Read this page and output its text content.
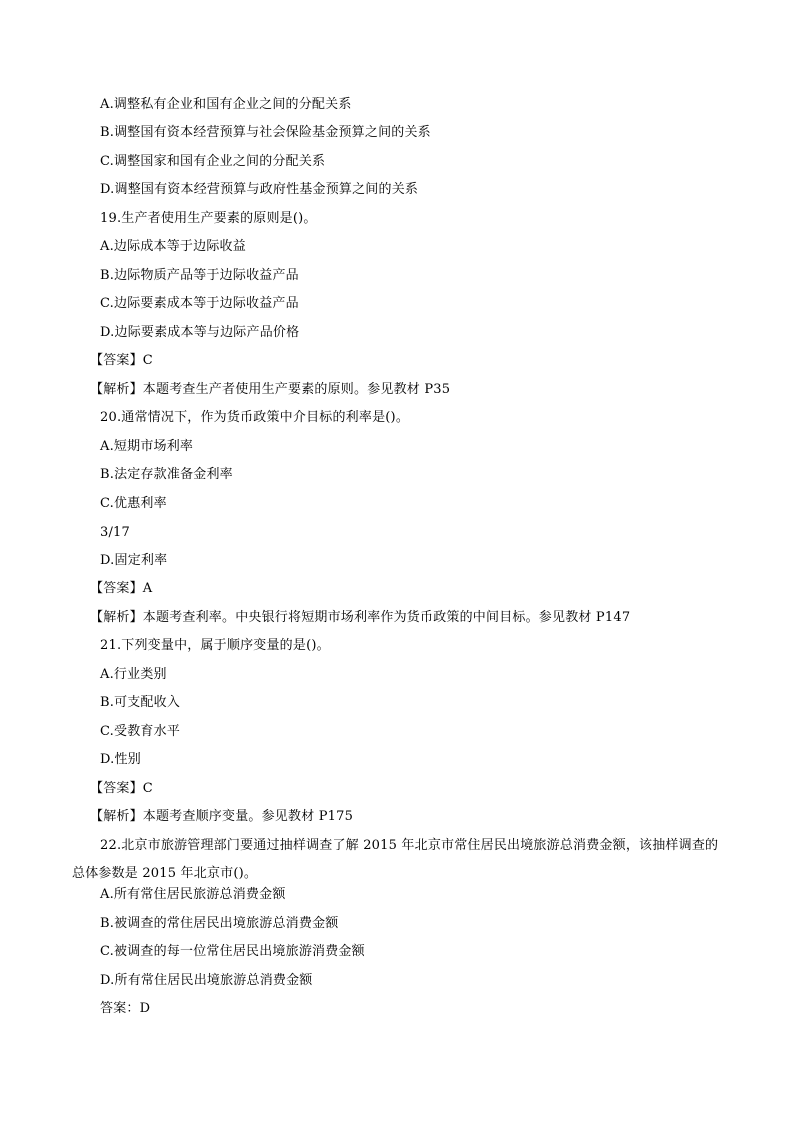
A.调整私有企业和国有企业之间的分配关系
B.调整国有资本经营预算与社会保险基金预算之间的关系
C.调整国家和国有企业之间的分配关系
D.调整国有资本经营预算与政府性基金预算之间的关系
19.生产者使用生产要素的原则是()。
A.边际成本等于边际收益
B.边际物质产品等于边际收益产品
C.边际要素成本等于边际收益产品
D.边际要素成本等与边际产品价格
【答案】C
【解析】本题考查生产者使用生产要素的原则。参见教材 P35
20.通常情况下，作为货币政策中介目标的利率是()。
A.短期市场利率
B.法定存款准备金利率
C.优惠利率
3/17
D.固定利率
【答案】A
【解析】本题考查利率。中央银行将短期市场利率作为货币政策的中间目标。参见教材 P147
21.下列变量中，属于顺序变量的是()。
A.行业类别
B.可支配收入
C.受教育水平
D.性别
【答案】C
【解析】本题考查顺序变量。参见教材 P175
22.北京市旅游管理部门要通过抽样调查了解 2015 年北京市常住居民出境旅游总消费金额，该抽样调查的总体参数是 2015 年北京市()。
A.所有常住居民旅游总消费金额
B.被调查的常住居民出境旅游总消费金额
C.被调查的每一位常住居民出境旅游消费金额
D.所有常住居民出境旅游总消费金额
答案：D
